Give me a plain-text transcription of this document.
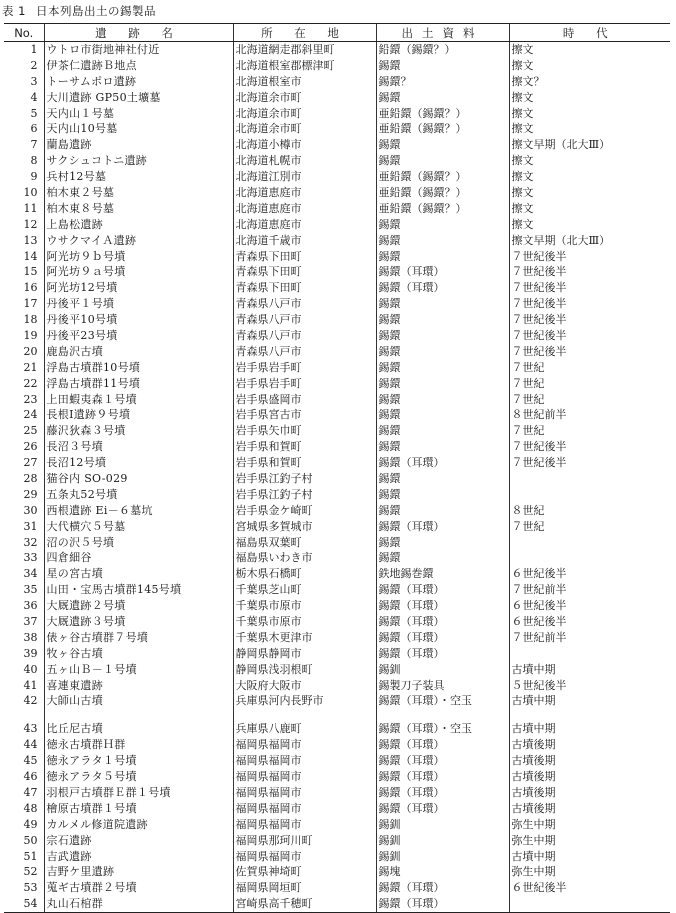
表 1 日本列島出土の錫製品
No.	遺 跡 名	所 在 地	出土資料	時 代
1	ウトロ市街地神社付近	北海道網走郡斜里町	鉛鐶（錫鐶？）	擦文
2	伊茶仁遺跡Ｂ地点	北海道根室郡標津町	錫鐶	擦文
3	トーサムポロ遺跡	北海道根室市	錫鐶？	擦文？
4	大川遺跡 GP50土壙墓	北海道余市町	錫鐶	擦文
5	天内山１号墓	北海道余市町	亜鉛鐶（錫鐶？）	擦文
6	天内山10号墓	北海道余市町	亜鉛鐶（錫鐶？）	擦文
7	蘭島遺跡	北海道小樽市	錫鐶	擦文早期（北大Ⅲ）
8	サクシュコトニ遺跡	北海道札幌市	錫鐶	擦文
9	兵村12号墓	北海道江別市	亜鉛鐶（錫鐶？）	擦文
10	柏木東２号墓	北海道恵庭市	亜鉛鐶（錫鐶？）	擦文
11	柏木東８号墓	北海道恵庭市	亜鉛鐶（錫鐶？）	擦文
12	上島松遺跡	北海道恵庭市	錫鐶	擦文
13	ウサクマイＡ遺跡	北海道千歳市	錫鐶	擦文早期（北大Ⅲ）
14	阿光坊９ｂ号墳	青森県下田町	錫鐶	７世紀後半
15	阿光坊９ａ号墳	青森県下田町	錫鐶（耳環）	７世紀後半
16	阿光坊12号墳	青森県下田町	錫鐶（耳環）	７世紀後半
17	丹後平１号墳	青森県八戸市	錫鐶	７世紀後半
18	丹後平10号墳	青森県八戸市	錫鐶	７世紀後半
19	丹後平23号墳	青森県八戸市	錫鐶	７世紀後半
20	鹿島沢古墳	青森県八戸市	錫鐶	７世紀後半
21	浮島古墳群10号墳	岩手県岩手町	錫鐶	７世紀
22	浮島古墳群11号墳	岩手県岩手町	錫鐶	７世紀
23	上田蝦夷森１号墳	岩手県盛岡市	錫鐶	７世紀
24	長根Ⅰ遺跡９号墳	岩手県宮古市	錫鐶	８世紀前半
25	藤沢狄森３号墳	岩手県矢巾町	錫鐶	７世紀
26	長沼３号墳	岩手県和賀町	錫鐶	７世紀後半
27	長沼12号墳	岩手県和賀町	錫鐶（耳環）	７世紀後半
28	猫谷内 SO-029	岩手県江釣子村	錫鐶	
29	五条丸52号墳	岩手県江釣子村	錫鐶	
30	西根遺跡 Ei－６墓坑	岩手県金ケ崎町	錫鐶	８世紀
31	大代横穴５号墓	宮城県多賀城市	錫鐶（耳環）	７世紀
32	沼の沢５号墳	福島県双葉町	錫鐶	
33	四倉細谷	福島県いわき市	錫鐶	
34	星の宮古墳	栃木県石橋町	鉄地錫巻鐶	６世紀後半
35	山田・宝馬古墳群145号墳	千葉県芝山町	錫鐶（耳環）	７世紀前半
36	大厩遺跡２号墳	千葉県市原市	錫鐶（耳環）	６世紀後半
37	大厩遺跡３号墳	千葉県市原市	錫鐶（耳環）	６世紀後半
38	俵ヶ谷古墳群７号墳	千葉県木更津市	錫鐶（耳環）	７世紀前半
39	牧ヶ谷古墳	静岡県静岡市	錫鐶（耳環）	
40	五ヶ山Ｂ－１号墳	静岡県浅羽根町	錫釧	古墳中期
41	喜連東遺跡	大阪府大阪市	錫製刀子装具	５世紀後半
42	大師山古墳	兵庫県河内長野市	錫鐶（耳環）・空玉	古墳中期

43	比丘尼古墳	兵庫県八鹿町	錫鐶（耳環）・空玉	古墳中期
44	徳永古墳群Ｈ群	福岡県福岡市	錫鐶（耳環）	古墳後期
45	徳永アラタ１号墳	福岡県福岡市	錫鐶（耳環）	古墳後期
46	徳永アラタ５号墳	福岡県福岡市	錫鐶（耳環）	古墳後期
47	羽根戸古墳群Ｅ群１号墳	福岡県福岡市	錫鐶（耳環）	古墳後期
48	檜原古墳群１号墳	福岡県福岡市	錫鐶（耳環）	古墳後期
49	カルメル修道院遺跡	福岡県福岡市	錫釧	弥生中期
50	宗石遺跡	福岡県那珂川町	錫釧	弥生中期
51	吉武遺跡	福岡県福岡市	錫釧	古墳中期
52	吉野ケ里遺跡	佐賀県神埼町	錫塊	弥生中期
53	蒐ギ古墳群２号墳	福岡県岡垣町	錫鐶（耳環）	６世紀後半
54	丸山石棺群	宮崎県高千穂町	錫鐶（耳環）	
